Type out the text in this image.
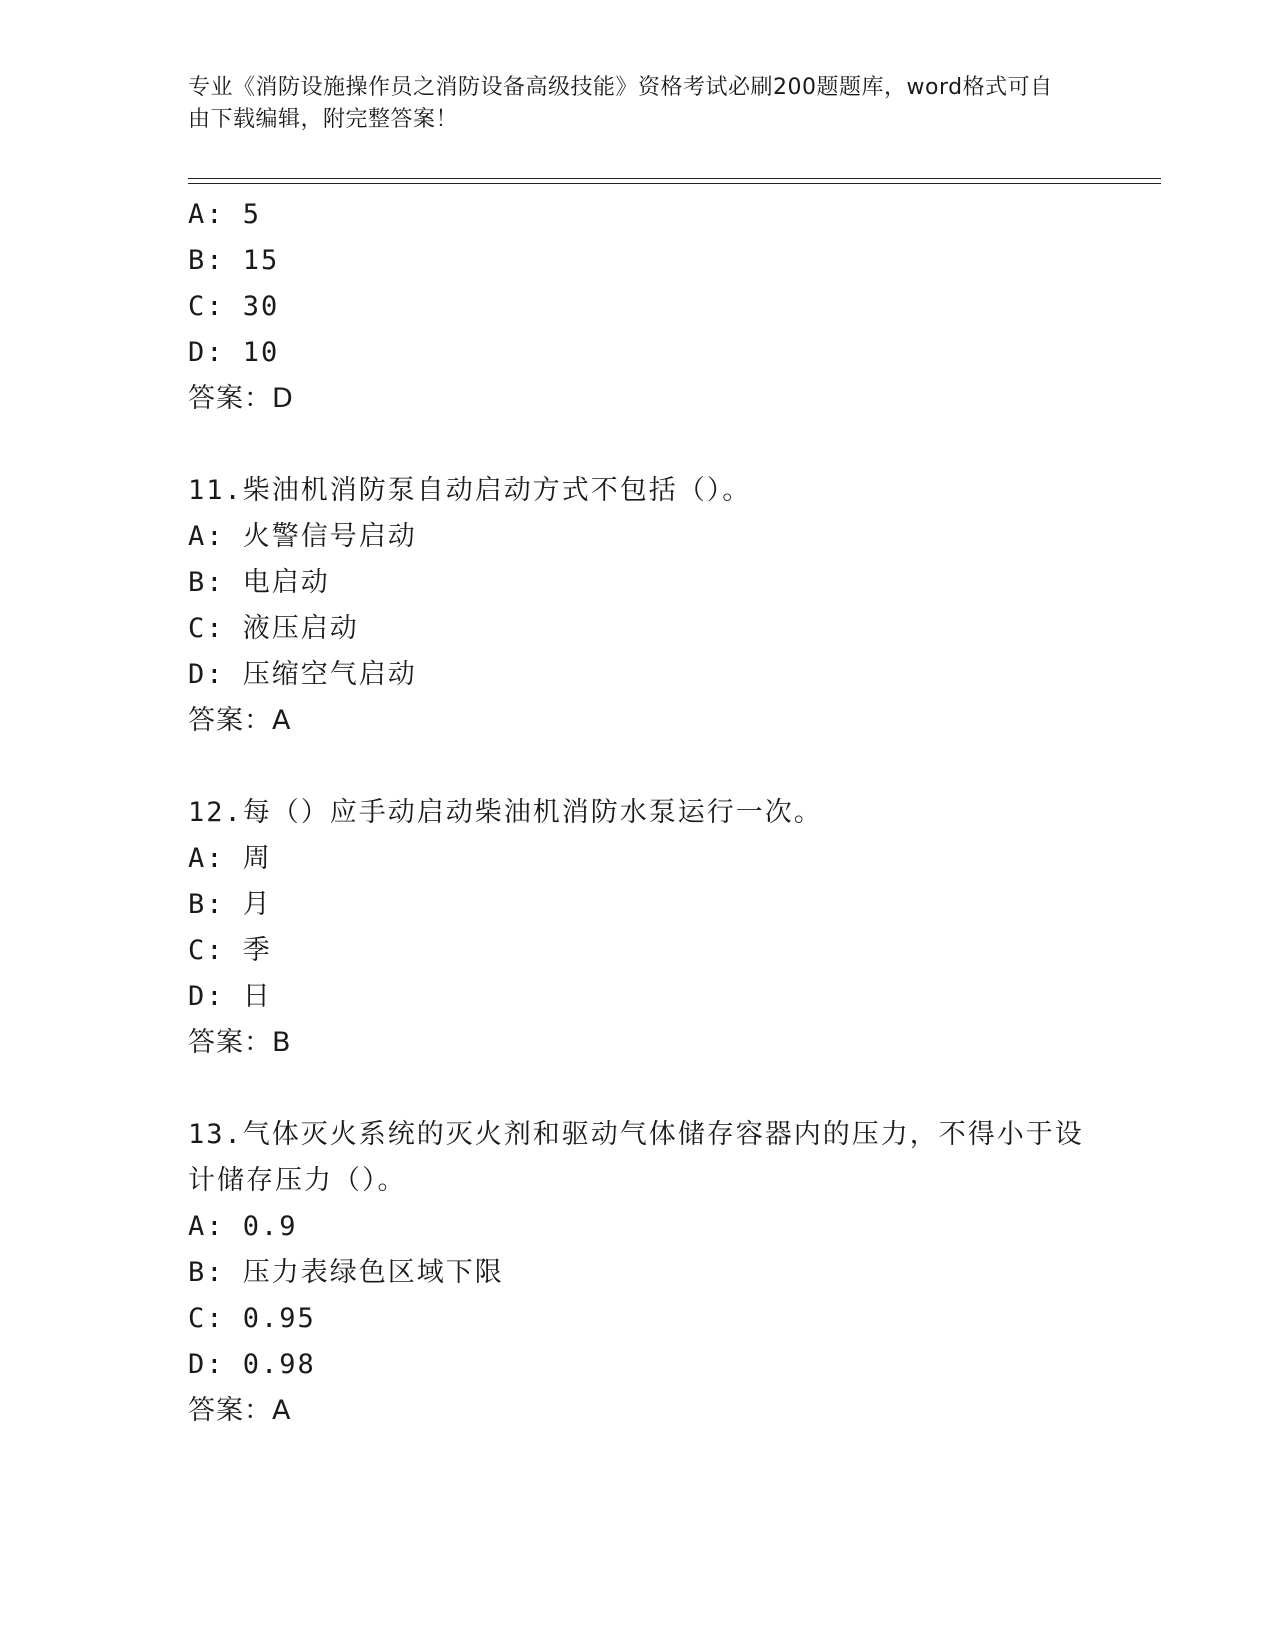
专业《消防设施操作员之消防设备高级技能》资格考试必刷200题题库，word格式可自由下载编辑，附完整答案！
A: 5
B: 15
C: 30
D: 10
答案：D
11.柴油机消防泵自动启动方式不包括（）。
A: 火警信号启动
B: 电启动
C: 液压启动
D: 压缩空气启动
答案：A
12.每（）应手动启动柴油机消防水泵运行一次。
A: 周
B: 月
C: 季
D: 日
答案：B
13.气体灭火系统的灭火剂和驱动气体储存容器内的压力，不得小于设
计储存压力（）。
A: 0.9
B: 压力表绿色区域下限
C: 0.95
D: 0.98
答案：A
